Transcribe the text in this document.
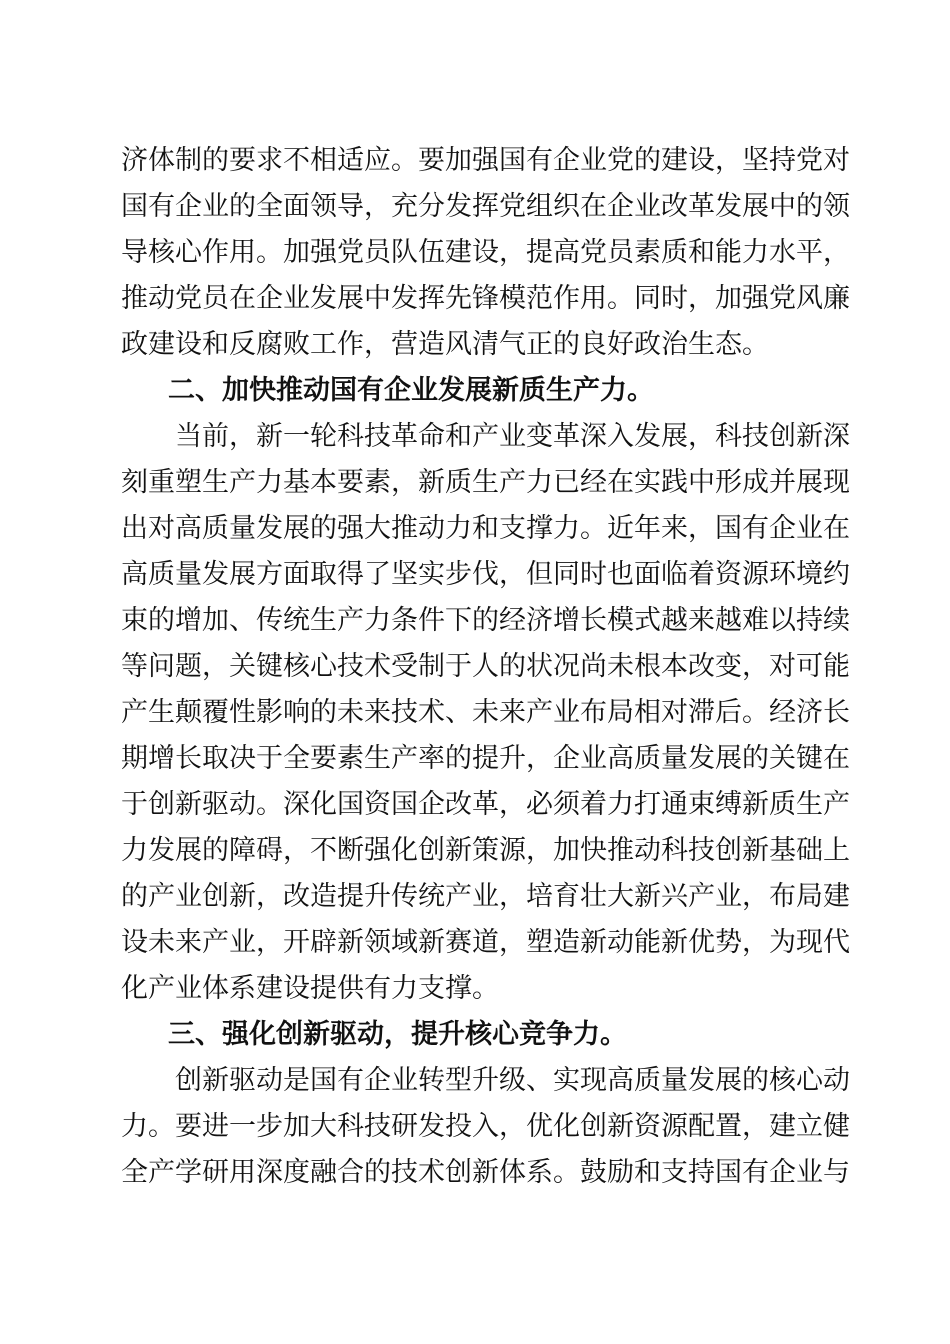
济体制的要求不相适应。要加强国有企业党的建设，坚持党对
国有企业的全面领导，充分发挥党组织在企业改革发展中的领
导核心作用。加强党员队伍建设，提高党员素质和能力水平，
推动党员在企业发展中发挥先锋模范作用。同时，加强党风廉
政建设和反腐败工作，营造风清气正的良好政治生态。
二、加快推动国有企业发展新质生产力。
当前，新一轮科技革命和产业变革深入发展，科技创新深
刻重塑生产力基本要素，新质生产力已经在实践中形成并展现
出对高质量发展的强大推动力和支撑力。近年来，国有企业在
高质量发展方面取得了坚实步伐，但同时也面临着资源环境约
束的增加、传统生产力条件下的经济增长模式越来越难以持续
等问题，关键核心技术受制于人的状况尚未根本改变，对可能
产生颠覆性影响的未来技术、未来产业布局相对滞后。经济长
期增长取决于全要素生产率的提升，企业高质量发展的关键在
于创新驱动。深化国资国企改革，必须着力打通束缚新质生产
力发展的障碍，不断强化创新策源，加快推动科技创新基础上
的产业创新，改造提升传统产业，培育壮大新兴产业，布局建
设未来产业，开辟新领域新赛道，塑造新动能新优势，为现代
化产业体系建设提供有力支撑。
三、强化创新驱动，提升核心竞争力。
创新驱动是国有企业转型升级、实现高质量发展的核心动
力。要进一步加大科技研发投入，优化创新资源配置，建立健
全产学研用深度融合的技术创新体系。鼓励和支持国有企业与
